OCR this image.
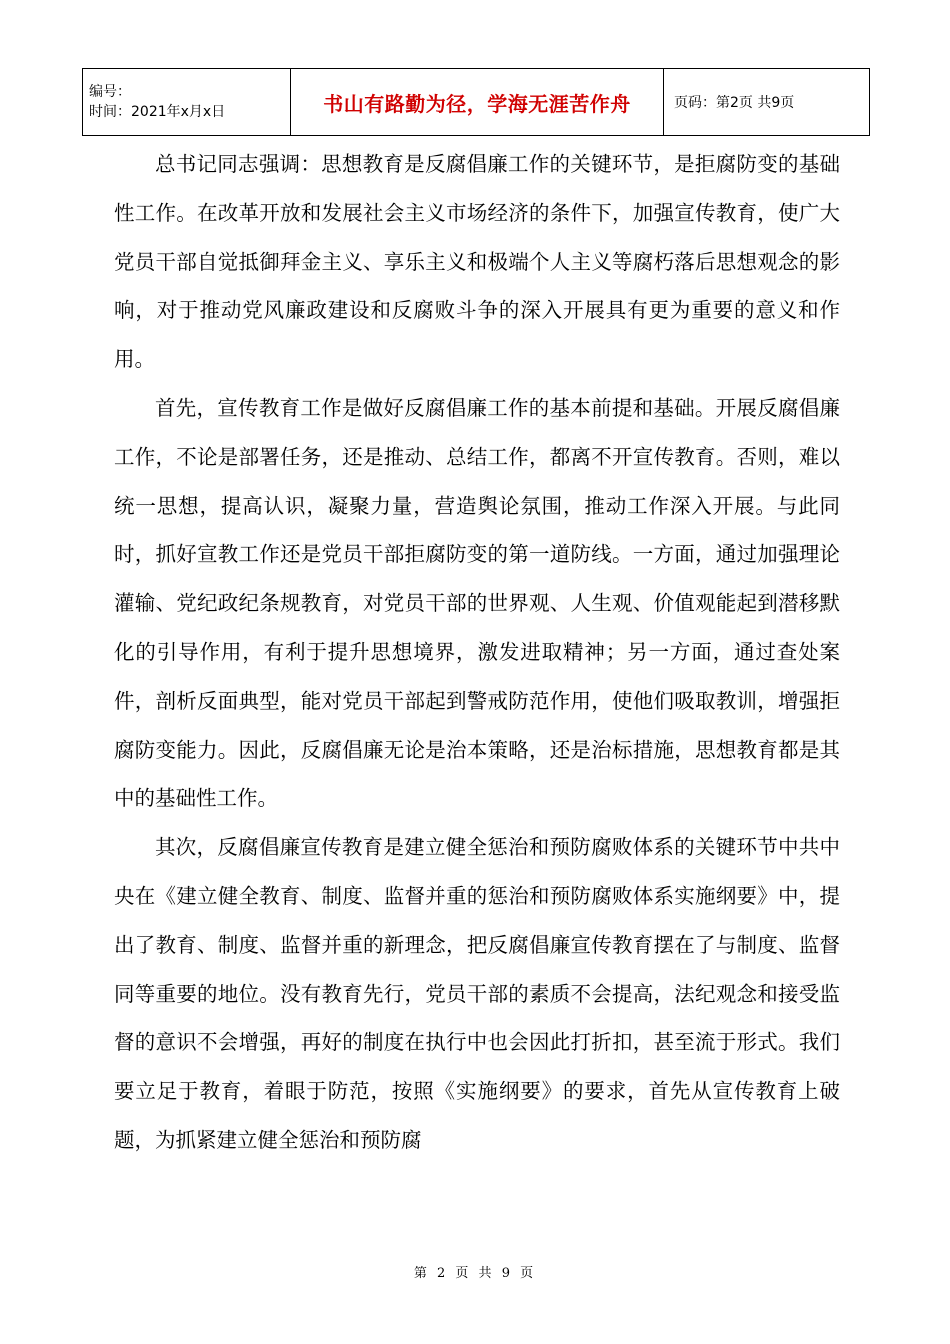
编号：
时间：2021年x月x日	书山有路勤为径，学海无涯苦作舟	页码：第2页 共9页

总书记同志强调：思想教育是反腐倡廉工作的关键环节，是拒腐防变的基础性工作。在改革开放和发展社会主义市场经济的条件下，加强宣传教育，使广大党员干部自觉抵御拜金主义、享乐主义和极端个人主义等腐朽落后思想观念的影响，对于推动党风廉政建设和反腐败斗争的深入开展具有更为重要的意义和作用。

首先，宣传教育工作是做好反腐倡廉工作的基本前提和基础。开展反腐倡廉工作，不论是部署任务，还是推动、总结工作，都离不开宣传教育。否则，难以统一思想，提高认识，凝聚力量，营造舆论氛围，推动工作深入开展。与此同时，抓好宣教工作还是党员干部拒腐防变的第一道防线。一方面，通过加强理论灌输、党纪政纪条规教育，对党员干部的世界观、人生观、价值观能起到潜移默化的引导作用，有利于提升思想境界，激发进取精神；另一方面，通过查处案件，剖析反面典型，能对党员干部起到警戒防范作用，使他们吸取教训，增强拒腐防变能力。因此，反腐倡廉无论是治本策略，还是治标措施，思想教育都是其中的基础性工作。

其次，反腐倡廉宣传教育是建立健全惩治和预防腐败体系的关键环节中共中央在《建立健全教育、制度、监督并重的惩治和预防腐败体系实施纲要》中，提出了教育、制度、监督并重的新理念，把反腐倡廉宣传教育摆在了与制度、监督同等重要的地位。没有教育先行，党员干部的素质不会提高，法纪观念和接受监督的意识不会增强，再好的制度在执行中也会因此打折扣，甚至流于形式。我们要立足于教育，着眼于防范，按照《实施纲要》的要求，首先从宣传教育上破题，为抓紧建立健全惩治和预防腐

第 2 页 共 9 页
